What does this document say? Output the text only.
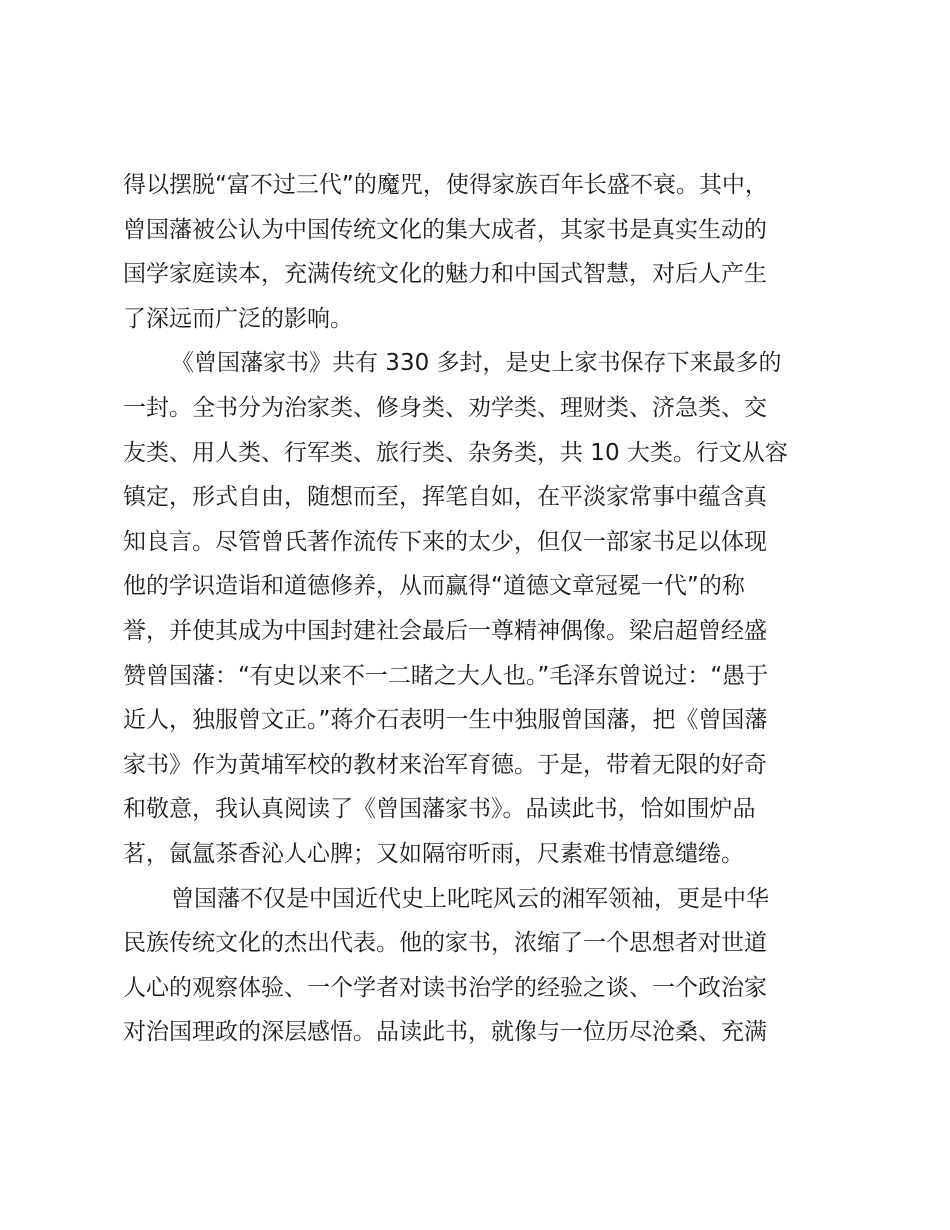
得以摆脱“富不过三代”的魔咒，使得家族百年长盛不衰。其中，
曾国藩被公认为中国传统文化的集大成者，其家书是真实生动的
国学家庭读本，充满传统文化的魅力和中国式智慧，对后人产生
了深远而广泛的影响。
《曾国藩家书》共有 330 多封，是史上家书保存下来最多的
一封。全书分为治家类、修身类、劝学类、理财类、济急类、交
友类、用人类、行军类、旅行类、杂务类，共 10 大类。行文从容
镇定，形式自由，随想而至，挥笔自如，在平淡家常事中蕴含真
知良言。尽管曾氏著作流传下来的太少，但仅一部家书足以体现
他的学识造诣和道德修养，从而赢得“道德文章冠冕一代”的称
誉，并使其成为中国封建社会最后一尊精神偶像。梁启超曾经盛
赞曾国藩：“有史以来不一二睹之大人也。”毛泽东曾说过：“愚于
近人，独服曾文正。”蒋介石表明一生中独服曾国藩，把《曾国藩
家书》作为黄埔军校的教材来治军育德。于是，带着无限的好奇
和敬意，我认真阅读了《曾国藩家书》。品读此书，恰如围炉品
茗，氤氲茶香沁人心脾；又如隔帘听雨，尺素难书情意缱绻。
曾国藩不仅是中国近代史上叱咤风云的湘军领袖，更是中华
民族传统文化的杰出代表。他的家书，浓缩了一个思想者对世道
人心的观察体验、一个学者对读书治学的经验之谈、一个政治家
对治国理政的深层感悟。品读此书，就像与一位历尽沧桑、充满
